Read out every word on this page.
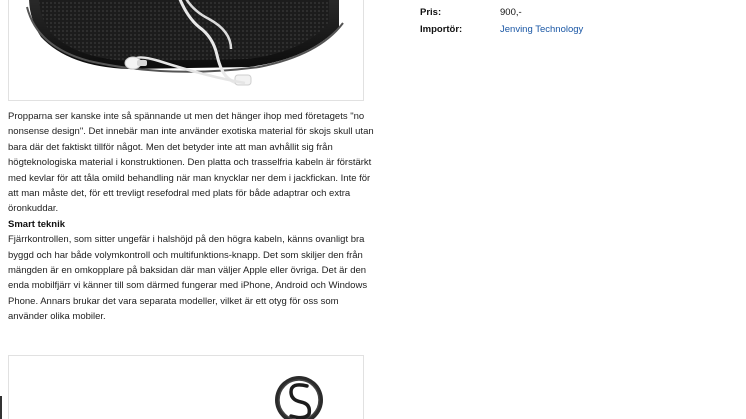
Pris:	900,-
Importör:	Jenving Technology

Propparna ser kanske inte så spännande ut men det hänger ihop med företagets "no nonsense design". Det innebär man inte använder exotiska material för skojs skull utan bara där det faktiskt tillför något. Men det betyder inte att man avhållit sig från högteknologiska material i konstruktionen. Den platta och trasselfria kabeln är förstärkt med kevlar för att tåla omild behandling när man knycklar ner dem i jackfickan. Inte för att man måste det, för ett trevligt resefodral med plats för både adaptrar och extra öronkuddar.

Smart teknik

Fjärrkontrollen, som sitter ungefär i halshöjd på den högra kabeln, känns ovanligt bra byggd och har både volymkontroll och multifunktions-knapp. Det som skiljer den från mängden är en omkopplare på baksidan där man väljer Apple eller övriga. Det är den enda mobilfjärr vi känner till som därmed fungerar med iPhone, Android och Windows Phone. Annars brukar det vara separata modeller, vilket är ett otyg för oss som använder olika mobiler.
